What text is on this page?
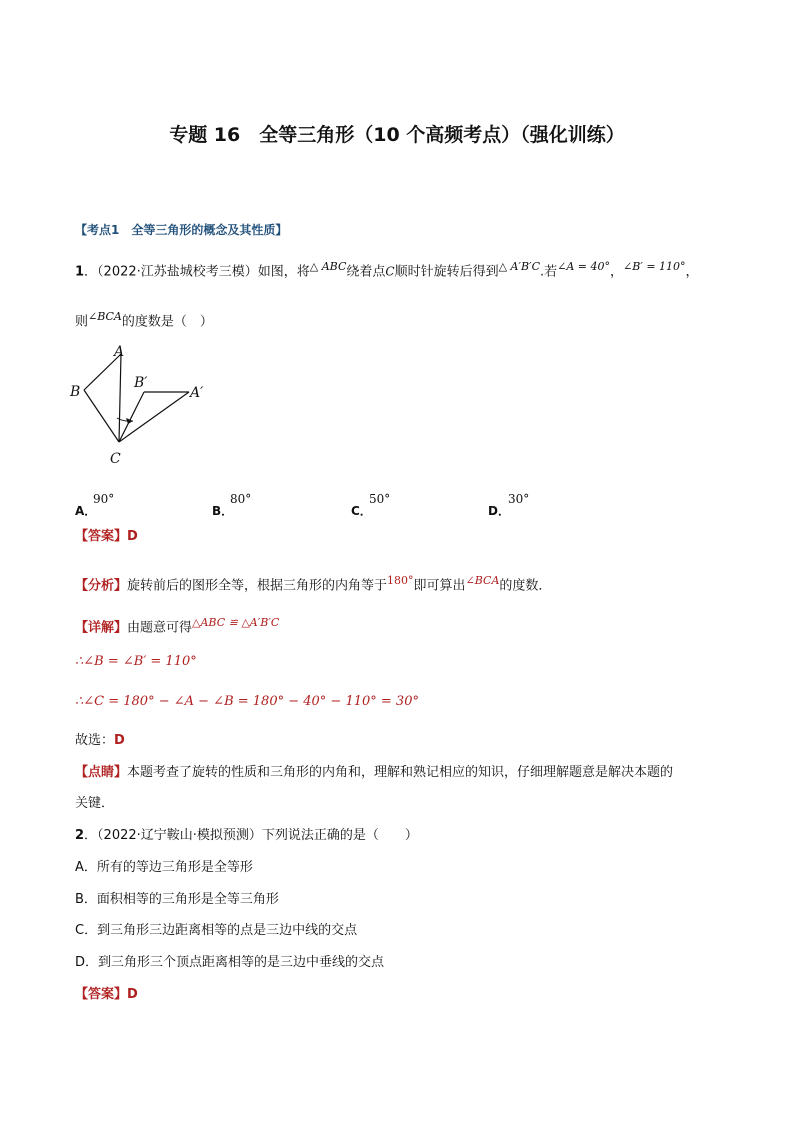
专题 16　全等三角形（10 个高频考点）（强化训练）
【考点1　全等三角形的概念及其性质】
1．（2022·江苏盐城校考三模）如图，将$^{\triangle ABC}$绕着点C顺时针旋转后得到$^{\triangle A'B'C}$.若$^{\angle A = 40^\circ}$，$^{\angle B' = 110^\circ}$，
则$^{\angle BCA}$的度数是（　）
A
B
C
B′
A′
A．
90°
B．
80°
C．
50°
D．
30°
【答案】D
【分析】旋转前后的图形全等，根据三角形的内角等于$^{180^\circ}$即可算出$^{\angle BCA}$的度数．
【详解】由题意可得$^{\triangle ABC ≌ \triangle A'B'C}$
∴∠B = ∠B′ = 110°
∴∠C = 180° − ∠A − ∠B = 180° − 40° − 110° = 30°
故选：D
【点睛】本题考查了旋转的性质和三角形的内角和，理解和熟记相应的知识，仔细理解题意是解决本题的
关键．
2．（2022·辽宁鞍山·模拟预测）下列说法正确的是（　　）
A．所有的等边三角形是全等形
B．面积相等的三角形是全等三角形
C．到三角形三边距离相等的点是三边中线的交点
D．到三角形三个顶点距离相等的是三边中垂线的交点
【答案】D
